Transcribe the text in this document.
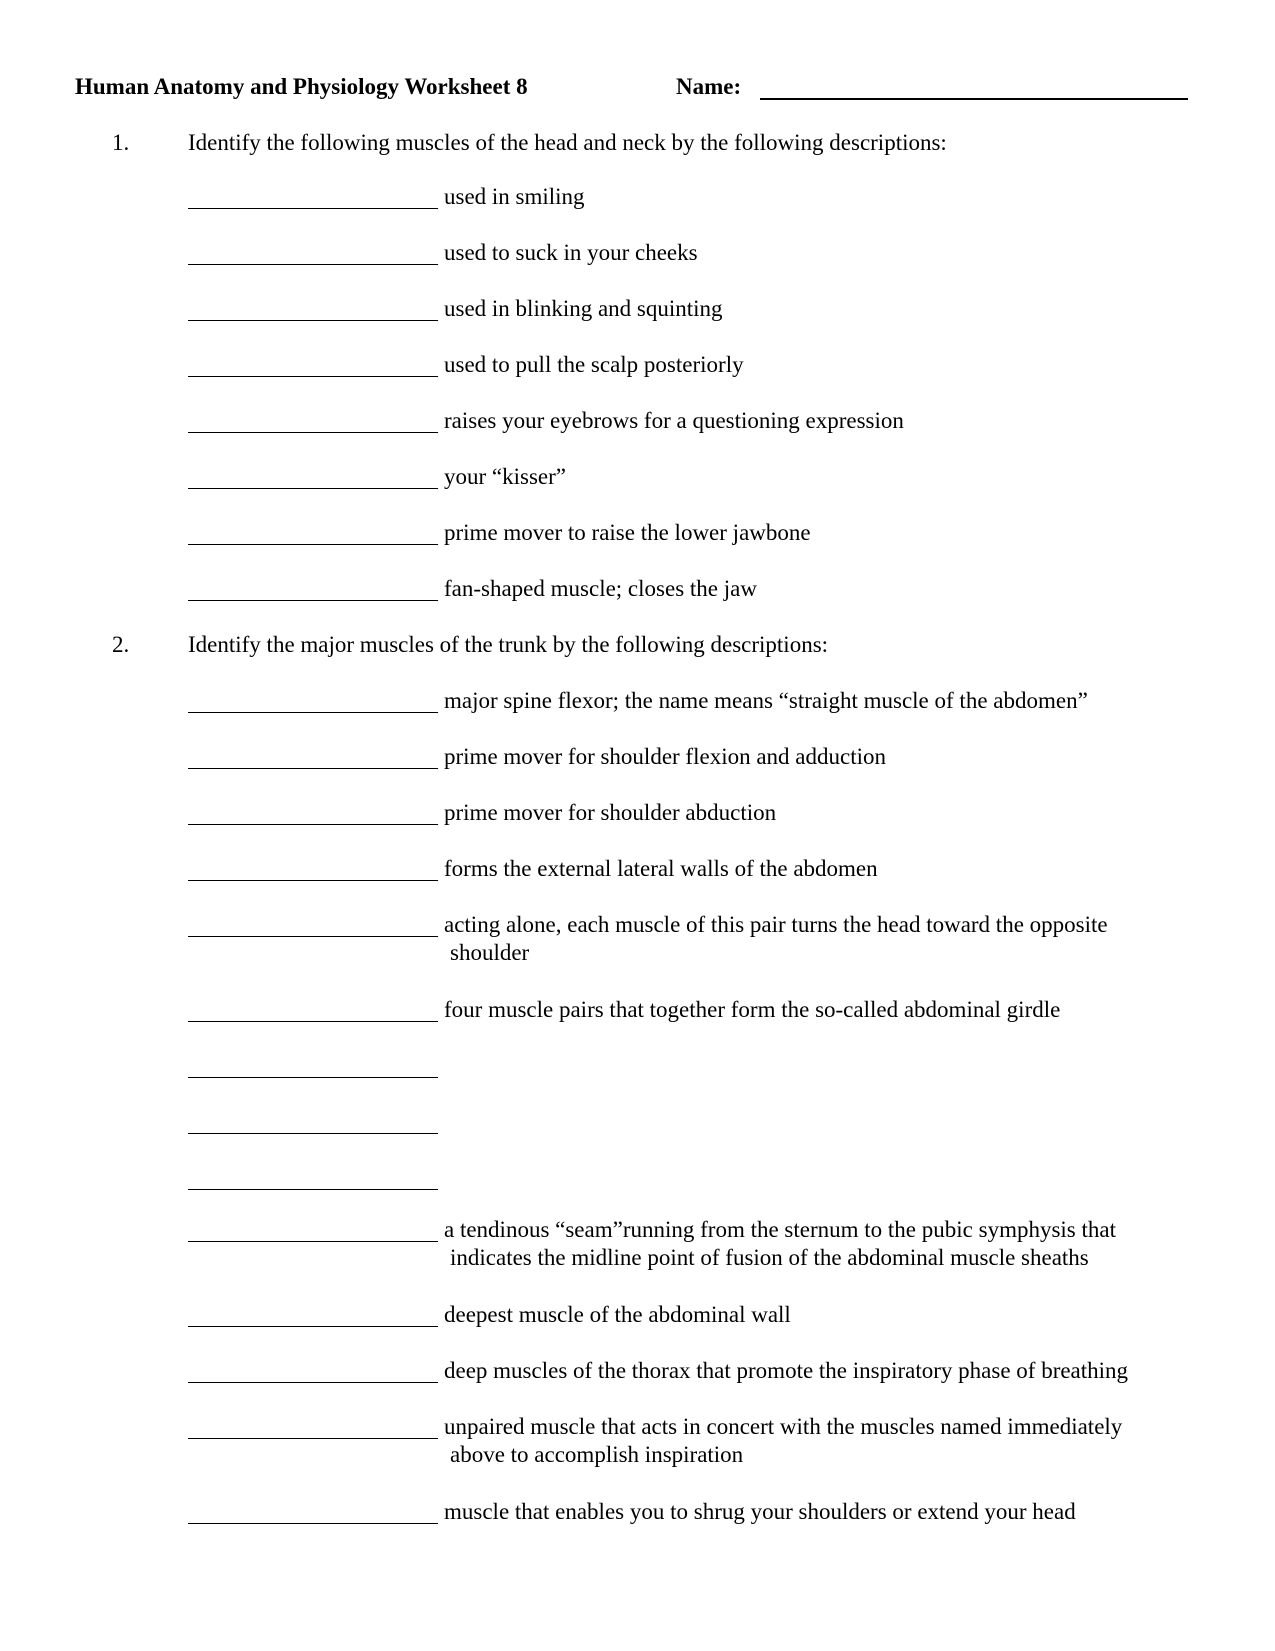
Human Anatomy and Physiology Worksheet 8	Name:
1.	Identify the following muscles of the head and neck by the following descriptions:
used in smiling
used to suck in your cheeks
used in blinking and squinting
used to pull the scalp posteriorly
raises your eyebrows for a questioning expression
your “kisser”
prime mover to raise the lower jawbone
fan-shaped muscle; closes the jaw
2.	Identify the major muscles of the trunk by the following descriptions:
major spine flexor; the name means “straight muscle of the abdomen”
prime mover for shoulder flexion and adduction
prime mover for shoulder abduction
forms the external lateral walls of the abdomen
acting alone, each muscle of this pair turns the head toward the opposite
shoulder
four muscle pairs that together form the so-called abdominal girdle
a tendinous “seam”running from the sternum to the pubic symphysis that
indicates the midline point of fusion of the abdominal muscle sheaths
deepest muscle of the abdominal wall
deep muscles of the thorax that promote the inspiratory phase of breathing
unpaired muscle that acts in concert with the muscles named immediately
above to accomplish inspiration
muscle that enables you to shrug your shoulders or extend your head
